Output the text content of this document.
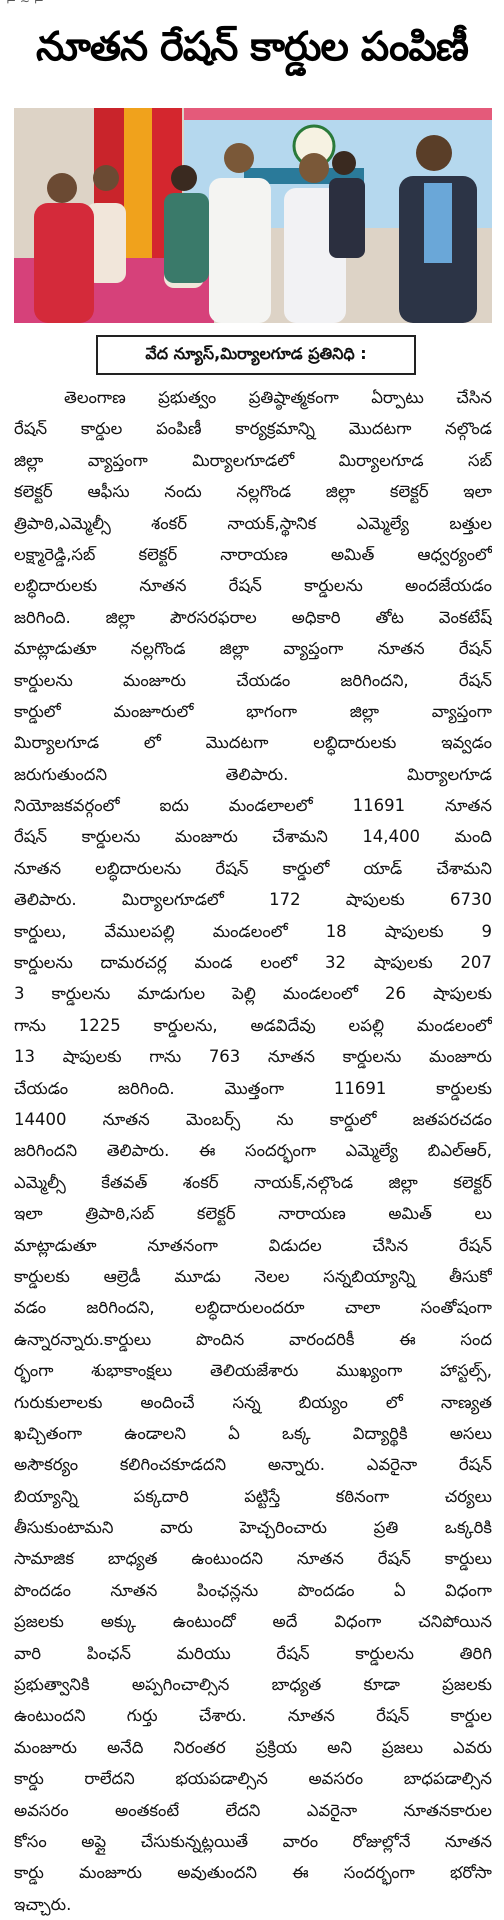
⌐ ∼ ⌐
నూతన రేషన్ కార్డుల పంపిణీ
వేద న్యూస్,మిర్యాలగూడ ప్రతినిధి :
తెలంగాణ ప్రభుత్వం ప్రతిష్ఠాత్మకంగా ఏర్పాటు చేసిన
రేషన్ కార్డుల పంపిణీ కార్యక్రమాన్ని మొదటగా నల్గొండ
జిల్లా	వ్యాప్తంగా	మిర్యాలగూడలో	మిర్యాలగూడ	సబ్
కలెక్టర్ ఆఫీసు నందు నల్లగొండ జిల్లా కలెక్టర్ ఇలా
త్రిపాఠి,ఎమ్మెల్సీ శంకర్ నాయక్,స్థానిక ఎమ్మెల్యే బత్తుల
లక్ష్మారెడ్డి,సబ్	కలెక్టర్	నారాయణ	అమిత్	ఆధ్వర్యంలో
లబ్ధిదారులకు	నూతన	రేషన్	కార్డులను	అందజేయడం
జరిగింది. జిల్లా పౌరసరఫరాల అధికారి తోట వెంకటేష్
మాట్లాడుతూ నల్లగొండ జిల్లా వ్యాప్తంగా నూతన రేషన్
కార్డులను	మంజూరు	చేయడం	జరిగిందని,	రేషన్
కార్డులో	మంజూరులో	భాగంగా	జిల్లా	వ్యాప్తంగా
మిర్యాలగూడ	లో	మొదటగా	లబ్ధిదారులకు	ఇవ్వడం
జరుగుతుందని	తెలిపారు.	మిర్యాలగూడ
నియోజకవర్గంలో ఐదు మండలాలలో 11691 నూతన
రేషన్ కార్డులను మంజూరు చేశామని 14,400 మంది
నూతన లబ్ధిదారులను రేషన్ కార్డులో యాడ్ చేశామని
తెలిపారు.	మిర్యాలగూడలో	172	షాపులకు	6730
కార్డులు, వేములపల్లి మండలంలో 18 షాపులకు 9
కార్డులను దామరచర్ల మండ లంలో 32 షాపులకు 207
3 కార్డులను మాడుగుల పెల్లి మండలంలో 26 షాపులకు
గాను 1225 కార్డులను, అడవిదేవు లపల్లి మండలంలో
13 షాపులకు గాను 763 నూతన కార్డులను మంజూరు
చేయడం	జరిగింది.	మొత్తంగా	11691	కార్డులకు
14400 నూతన మెంబర్స్ ను కార్డులో జతపరచడం
జరిగిందని తెలిపారు. ఈ సందర్భంగా ఎమ్మెల్యే బిఎల్ఆర్,
ఎమ్మెల్సీ కేతవత్ శంకర్ నాయక్,నల్గొండ జిల్లా కలెక్టర్
ఇలా	త్రిపాఠి,సబ్	కలెక్టర్	నారాయణ	అమిత్	లు
మాట్లాడుతూ	నూతనంగా	విడుదల	చేసిన	రేషన్
కార్డులకు ఆల్రెడీ మూడు నెలల సన్నబియ్యాన్ని తీసుకో
వడం జరిగిందని, లబ్ధిదారులందరూ చాలా సంతోషంగా
ఉన్నారన్నారు.కార్డులు	పొందిన	వారందరికీ	ఈ	సంద
ర్భంగా శుభాకాంక్షలు తెలియజేశారు ముఖ్యంగా హాస్టల్స్,
గురుకులాలకు అందించే సన్న బియ్యం లో నాణ్యత
ఖచ్చితంగా	ఉండాలని	ఏ	ఒక్క	విద్యార్థికి	అసలు
అసౌకర్యం	కలిగించకూడదని	అన్నారు.	ఎవరైనా	రేషన్
బియ్యాన్ని	పక్కదారి	పట్టిస్తే	కఠినంగా	చర్యలు
తీసుకుంటామని	వారు	హెచ్చరించారు	ప్రతి	ఒక్కరికి
సామాజిక బాధ్యత ఉంటుందని నూతన రేషన్ కార్డులు
పొందడం నూతన పింఛన్లను పొందడం ఏ విధంగా
ప్రజలకు అక్కు ఉంటుందో అదే విధంగా చనిపోయిన
వారి	పింఛన్	మరియు	రేషన్	కార్డులను	తిరిగి
ప్రభుత్వానికి	అప్పగించాల్సిన	బాధ్యత	కూడా	ప్రజలకు
ఉంటుందని గుర్తు చేశారు. నూతన రేషన్ కార్డుల
మంజూరు అనేది నిరంతర ప్రక్రియ అని ప్రజలు ఎవరు
కార్డు రాలేదని భయపడాల్సిన అవసరం బాధపడాల్సిన
అవసరం	అంతకంటే	లేదని	ఎవరైనా	నూతనకారుల
కోసం అప్లై చేసుకున్నట్లయితే వారం రోజుల్లోనే నూతన
కార్డు మంజూరు అవుతుందని ఈ సందర్భంగా భరోసా
ఇచ్చారు.
